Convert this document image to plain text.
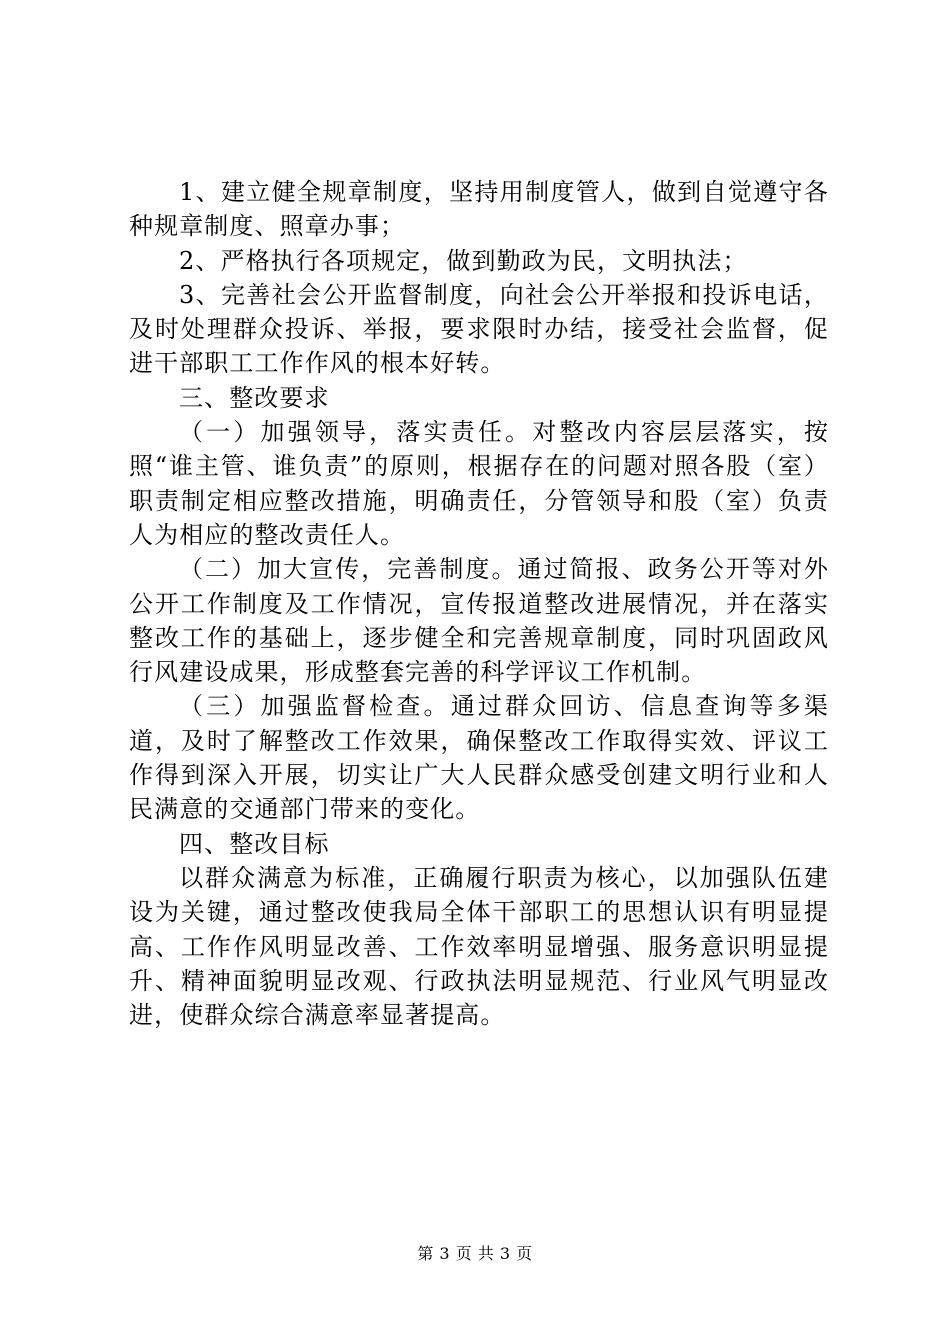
1、建立健全规章制度，坚持用制度管人，做到自觉遵守各种规章制度、照章办事；

2、严格执行各项规定，做到勤政为民，文明执法；

3、完善社会公开监督制度，向社会公开举报和投诉电话，及时处理群众投诉、举报，要求限时办结，接受社会监督，促进干部职工工作作风的根本好转。

三、整改要求

（一）加强领导，落实责任。对整改内容层层落实，按照“谁主管、谁负责”的原则，根据存在的问题对照各股（室）职责制定相应整改措施，明确责任，分管领导和股（室）负责人为相应的整改责任人。

（二）加大宣传，完善制度。通过简报、政务公开等对外公开工作制度及工作情况，宣传报道整改进展情况，并在落实整改工作的基础上，逐步健全和完善规章制度，同时巩固政风行风建设成果，形成整套完善的科学评议工作机制。

（三）加强监督检查。通过群众回访、信息查询等多渠道，及时了解整改工作效果，确保整改工作取得实效、评议工作得到深入开展，切实让广大人民群众感受创建文明行业和人民满意的交通部门带来的变化。

四、整改目标

以群众满意为标准，正确履行职责为核心，以加强队伍建设为关键，通过整改使我局全体干部职工的思想认识有明显提高、工作作风明显改善、工作效率明显增强、服务意识明显提升、精神面貌明显改观、行政执法明显规范、行业风气明显改进，使群众综合满意率显著提高。

第 3 页 共 3 页
